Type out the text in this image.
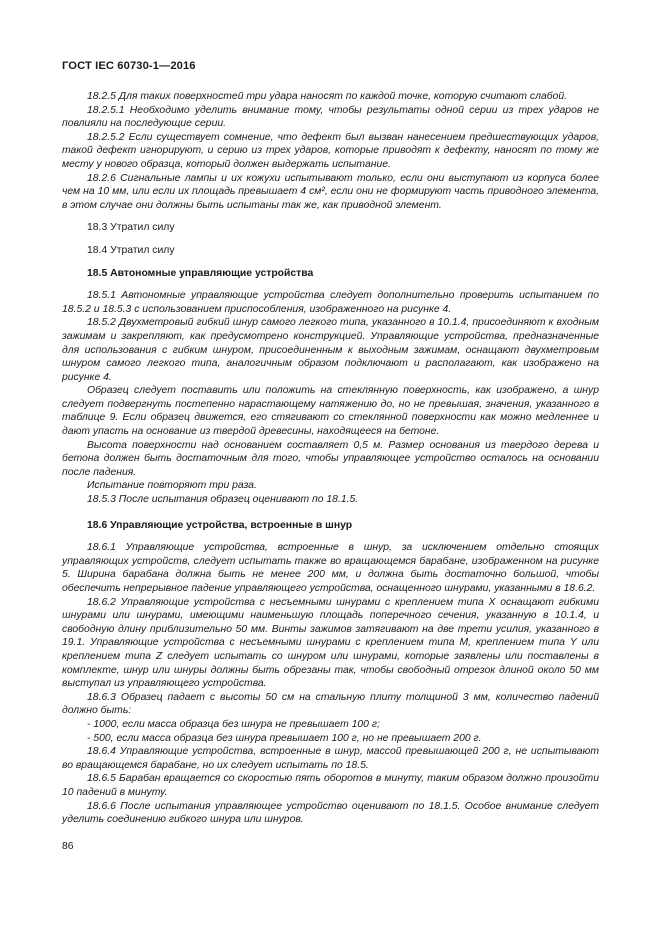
ГОСТ IEC 60730-1—2016

18.2.5 Для таких поверхностей три удара наносят по каждой точке, которую считают слабой.

18.2.5.1 Необходимо уделить внимание тому, чтобы результаты одной серии из трех ударов не повлияли на последующие серии.

18.2.5.2 Если существует сомнение, что дефект был вызван нанесением предшествующих ударов, такой дефект игнорируют, и серию из трех ударов, которые приводят к дефекту, наносят по тому же месту у нового образца, который должен выдержать испытание.

18.2.6 Сигнальные лампы и их кожухи испытывают только, если они выступают из корпуса более чем на 10 мм, или если их площадь превышает 4 см², если они не формируют часть приводного элемента, в этом случае они должны быть испытаны так же, как приводной элемент.

18.3 Утратил силу

18.4 Утратил силу

18.5 Автономные управляющие устройства

18.5.1 Автономные управляющие устройства следует дополнительно проверить испытанием по 18.5.2 и 18.5.3 с использованием приспособления, изображенного на рисунке 4.

18.5.2 Двухметровый гибкий шнур самого легкого типа, указанного в 10.1.4, присоединяют к входным зажимам и закрепляют, как предусмотрено конструкцией. Управляющие устройства, предназначенные для использования с гибким шнуром, присоединенным к выходным зажимам, оснащают двухметровым шнуром самого легкого типа, аналогичным образом подключают и располагают, как изображено на рисунке 4.

Образец следует поставить или положить на стеклянную поверхность, как изображено, а шнур следует подвергнуть постепенно нарастающему натяжению до, но не превышая, значения, указанного в таблице 9. Если образец движется, его стягивают со стеклянной поверхности как можно медленнее и дают упасть на основание из твердой древесины, находящееся на бетоне.

Высота поверхности над основанием составляет 0,5 м. Размер основания из твердого дерева и бетона должен быть достаточным для того, чтобы управляющее устройство осталось на основании после падения.

Испытание повторяют три раза.

18.5.3 После испытания образец оценивают по 18.1.5.

18.6 Управляющие устройства, встроенные в шнур

18.6.1 Управляющие устройства, встроенные в шнур, за исключением отдельно стоящих управляющих устройств, следует испытать также во вращающемся барабане, изображенном на рисунке 5. Ширина барабана должна быть не менее 200 мм, и должна быть достаточно большой, чтобы обеспечить непрерывное падение управляющего устройства, оснащенного шнурами, указанными в 18.6.2.

18.6.2 Управляющие устройства с несъемными шнурами с креплением типа X оснащают гибкими шнурами или шнурами, имеющими наименьшую площадь поперечного сечения, указанную в 10.1.4, и свободную длину приблизительно 50 мм. Винты зажимов затягивают на две трети усилия, указанного в 19.1. Управляющие устройства с несъемными шнурами с креплением типа M, креплением типа Y или креплением типа Z следует испытать со шнуром или шнурами, которые заявлены или поставлены в комплекте, шнур или шнуры должны быть обрезаны так, чтобы свободный отрезок длиной около 50 мм выступал из управляющего устройства.

18.6.3 Образец падает с высоты 50 см на стальную плиту толщиной 3 мм, количество падений должно быть:

- 1000, если масса образца без шнура не превышает 100 г;

- 500, если масса образца без шнура превышает 100 г, но не превышает 200 г.

18.6.4 Управляющие устройства, встроенные в шнур, массой превышающей 200 г, не испытывают во вращающемся барабане, но их следует испытать по 18.5.

18.6.5 Барабан вращается со скоростью пять оборотов в минуту, таким образом должно произойти 10 падений в минуту.

18.6.6 После испытания управляющее устройство оценивают по 18.1.5. Особое внимание следует уделить соединению гибкого шнура или шнуров.

86
